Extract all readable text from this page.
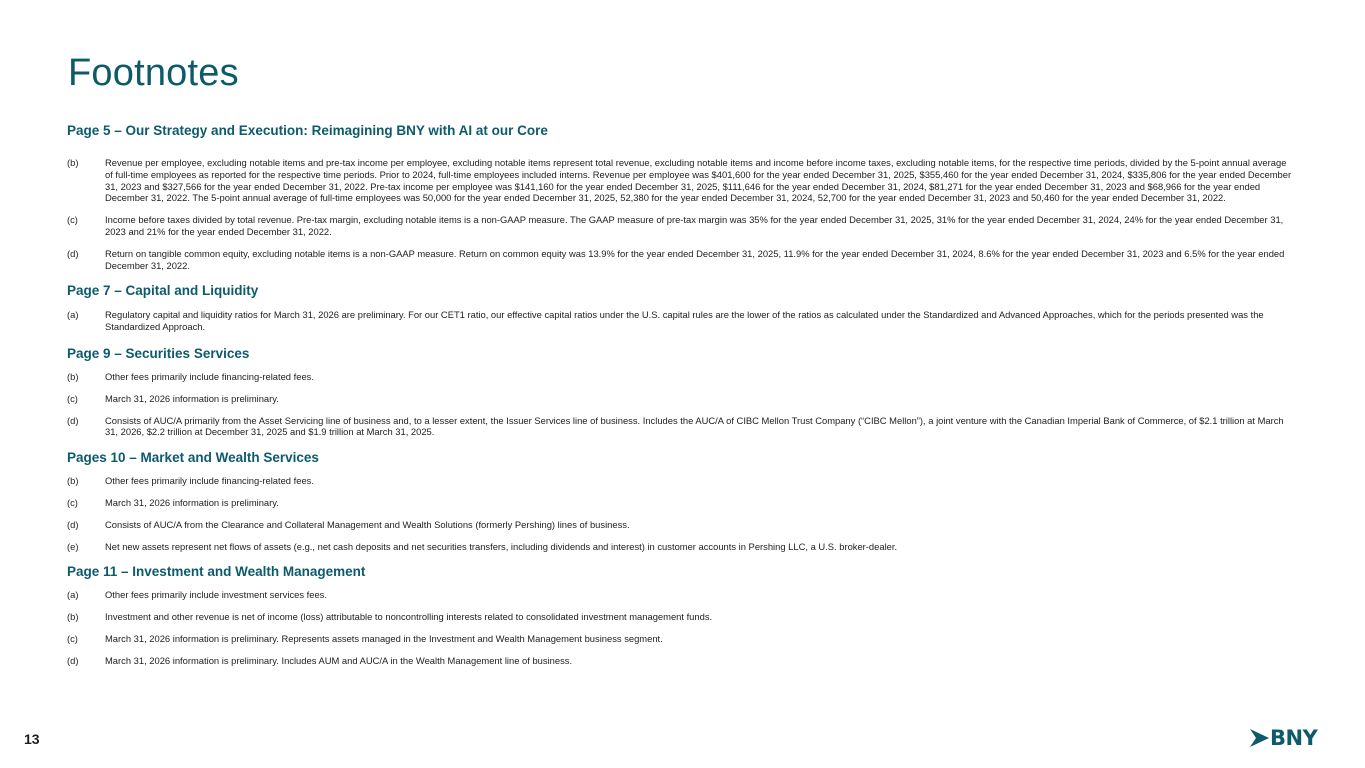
Footnotes
Page 5 – Our Strategy and Execution: Reimagining BNY with AI at our Core
(b)	Revenue per employee, excluding notable items and pre-tax income per employee, excluding notable items represent total revenue, excluding notable items and income before income taxes, excluding notable items, for the respective time periods, divided by the 5-point annual average of full-time employees as reported for the respective time periods. Prior to 2024, full-time employees included interns. Revenue per employee was $401,600 for the year ended December 31, 2025, $355,460 for the year ended December 31, 2024, $335,806 for the year ended December 31, 2023 and $327,566 for the year ended December 31, 2022. Pre-tax income per employee was $141,160 for the year ended December 31, 2025, $111,646 for the year ended December 31, 2024, $81,271 for the year ended December 31, 2023 and $68,966 for the year ended December 31, 2022. The 5-point annual average of full-time employees was 50,000 for the year ended December 31, 2025, 52,380 for the year ended December 31, 2024, 52,700 for the year ended December 31, 2023 and 50,460 for the year ended December 31, 2022.
(c)	Income before taxes divided by total revenue. Pre-tax margin, excluding notable items is a non-GAAP measure. The GAAP measure of pre-tax margin was 35% for the year ended December 31, 2025, 31% for the year ended December 31, 2024, 24% for the year ended December 31, 2023 and 21% for the year ended December 31, 2022.
(d)	Return on tangible common equity, excluding notable items is a non-GAAP measure. Return on common equity was 13.9% for the year ended December 31, 2025, 11.9% for the year ended December 31, 2024, 8.6% for the year ended December 31, 2023 and 6.5% for the year ended December 31, 2022.
Page 7 – Capital and Liquidity
(a)	Regulatory capital and liquidity ratios for March 31, 2026 are preliminary. For our CET1 ratio, our effective capital ratios under the U.S. capital rules are the lower of the ratios as calculated under the Standardized and Advanced Approaches, which for the periods presented was the Standardized Approach.
Page 9 – Securities Services
(b)	Other fees primarily include financing-related fees.
(c)	March 31, 2026 information is preliminary.
(d)	Consists of AUC/A primarily from the Asset Servicing line of business and, to a lesser extent, the Issuer Services line of business. Includes the AUC/A of CIBC Mellon Trust Company (“CIBC Mellon”), a joint venture with the Canadian Imperial Bank of Commerce, of $2.1 trillion at March 31, 2026, $2.2 trillion at December 31, 2025 and $1.9 trillion at March 31, 2025.
Pages 10 – Market and Wealth Services
(b)	Other fees primarily include financing-related fees.
(c)	March 31, 2026 information is preliminary.
(d)	Consists of AUC/A from the Clearance and Collateral Management and Wealth Solutions (formerly Pershing) lines of business.
(e)	Net new assets represent net flows of assets (e.g., net cash deposits and net securities transfers, including dividends and interest) in customer accounts in Pershing LLC, a U.S. broker-dealer.
Page 11 – Investment and Wealth Management
(a)	Other fees primarily include investment services fees.
(b)	Investment and other revenue is net of income (loss) attributable to noncontrolling interests related to consolidated investment management funds.
(c)	March 31, 2026 information is preliminary. Represents assets managed in the Investment and Wealth Management business segment.
(d)	March 31, 2026 information is preliminary. Includes AUM and AUC/A in the Wealth Management line of business.
13	BNY
